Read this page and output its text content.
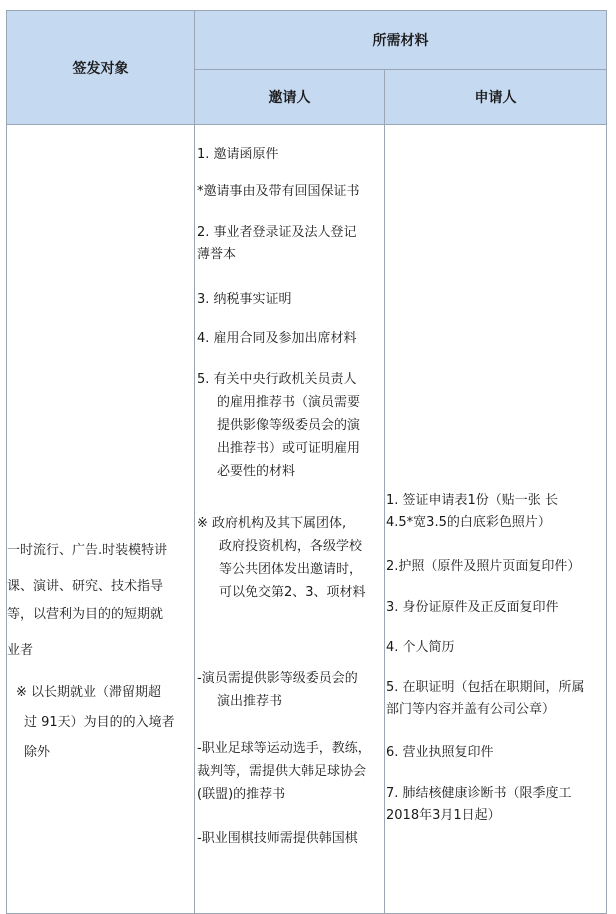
签发对象
所需材料
邀请人	申请人

一时流行、广告.时装模特讲

课、演讲、研究、技术指导

等，以营利为目的的短期就

业者

※ 以长期就业（滞留期超

过 91天）为目的的入境者

除外

1. 邀请函原件
*邀请事由及带有回国保证书

2. 事业者登录证及法人登记

薄誉本

3. 纳税事实证明
4. 雇用合同及参加出席材料

5. 有关中央行政机关员责人

的雇用推荐书（演员需要

提供影像等级委员会的演

出推荐书）或可证明雇用

必要性的材料

※ 政府机构及其下属团体,

政府投资机构，各级学校

等公共团体发出邀请时，

可以免交第2、3、项材料

-演员需提供影等级委员会的

演出推荐书

-职业足球等运动选手，教练，

裁判等，需提供大韩足球协会

(联盟)的推荐书

-职业围棋技师需提供韩国棋

1. 签证申请表1份（贴一张 长

4.5*宽3.5的白底彩色照片）

2.护照（原件及照片页面复印件）
3. 身份证原件及正反面复印件
4. 个人简历

5. 在职证明（包括在职期间，所属

部门等内容并盖有公司公章）

6. 营业执照复印件

7. 肺结核健康诊断书（限季度工

2018年3月1日起）
